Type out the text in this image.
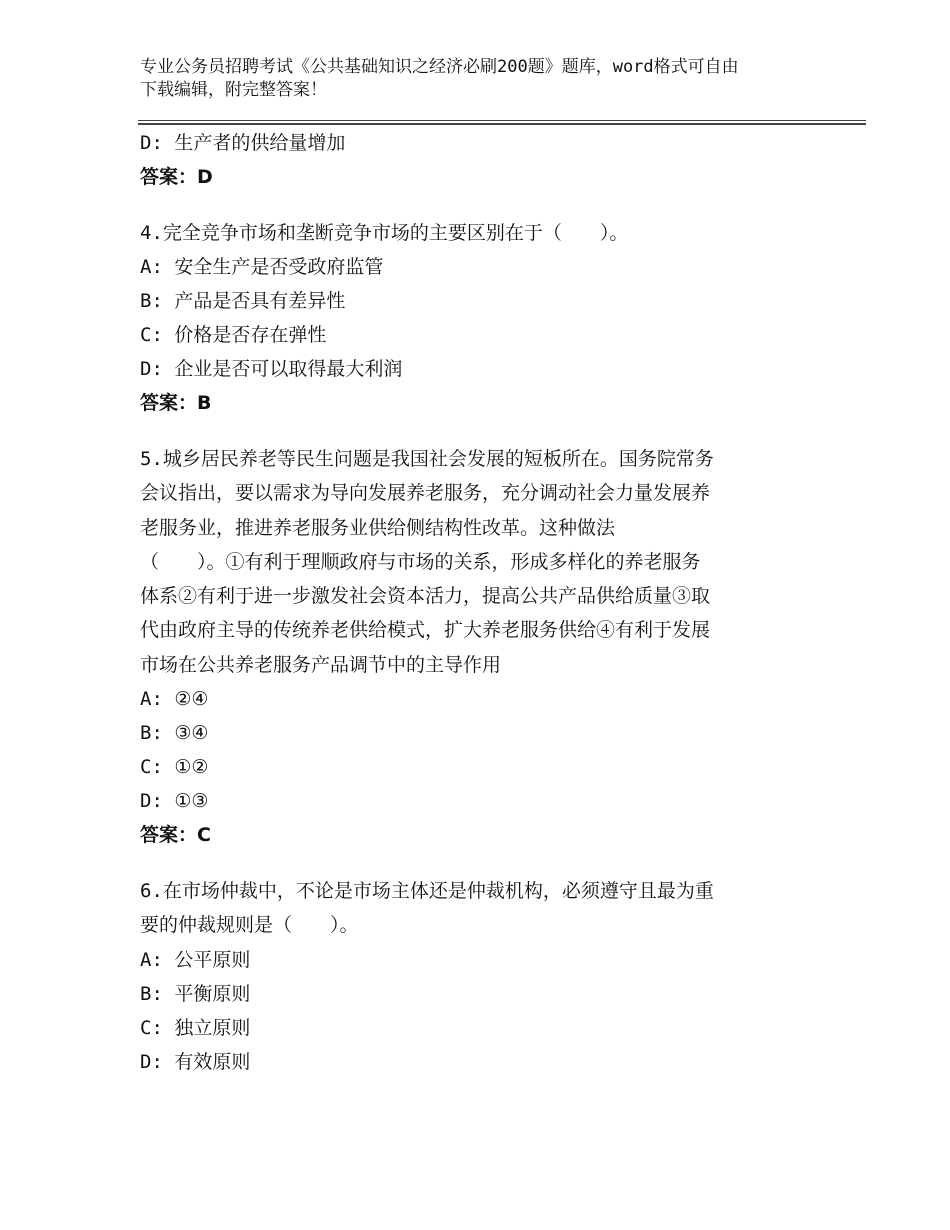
专业公务员招聘考试《公共基础知识之经济必刷200题》题库，word格式可自由
下载编辑，附完整答案！
D: 生产者的供给量增加
答案：D
4.完全竞争市场和垄断竞争市场的主要区别在于（　　）。
A: 安全生产是否受政府监管
B: 产品是否具有差异性
C: 价格是否存在弹性
D: 企业是否可以取得最大利润
答案：B
5.城乡居民养老等民生问题是我国社会发展的短板所在。国务院常务
会议指出，要以需求为导向发展养老服务，充分调动社会力量发展养
老服务业，推进养老服务业供给侧结构性改革。这种做法
（　　）。①有利于理顺政府与市场的关系，形成多样化的养老服务
体系②有利于进一步激发社会资本活力，提高公共产品供给质量③取
代由政府主导的传统养老供给模式，扩大养老服务供给④有利于发展
市场在公共养老服务产品调节中的主导作用
A: ②④
B: ③④
C: ①②
D: ①③
答案：C
6.在市场仲裁中，不论是市场主体还是仲裁机构，必须遵守且最为重
要的仲裁规则是（　　）。
A: 公平原则
B: 平衡原则
C: 独立原则
D: 有效原则
